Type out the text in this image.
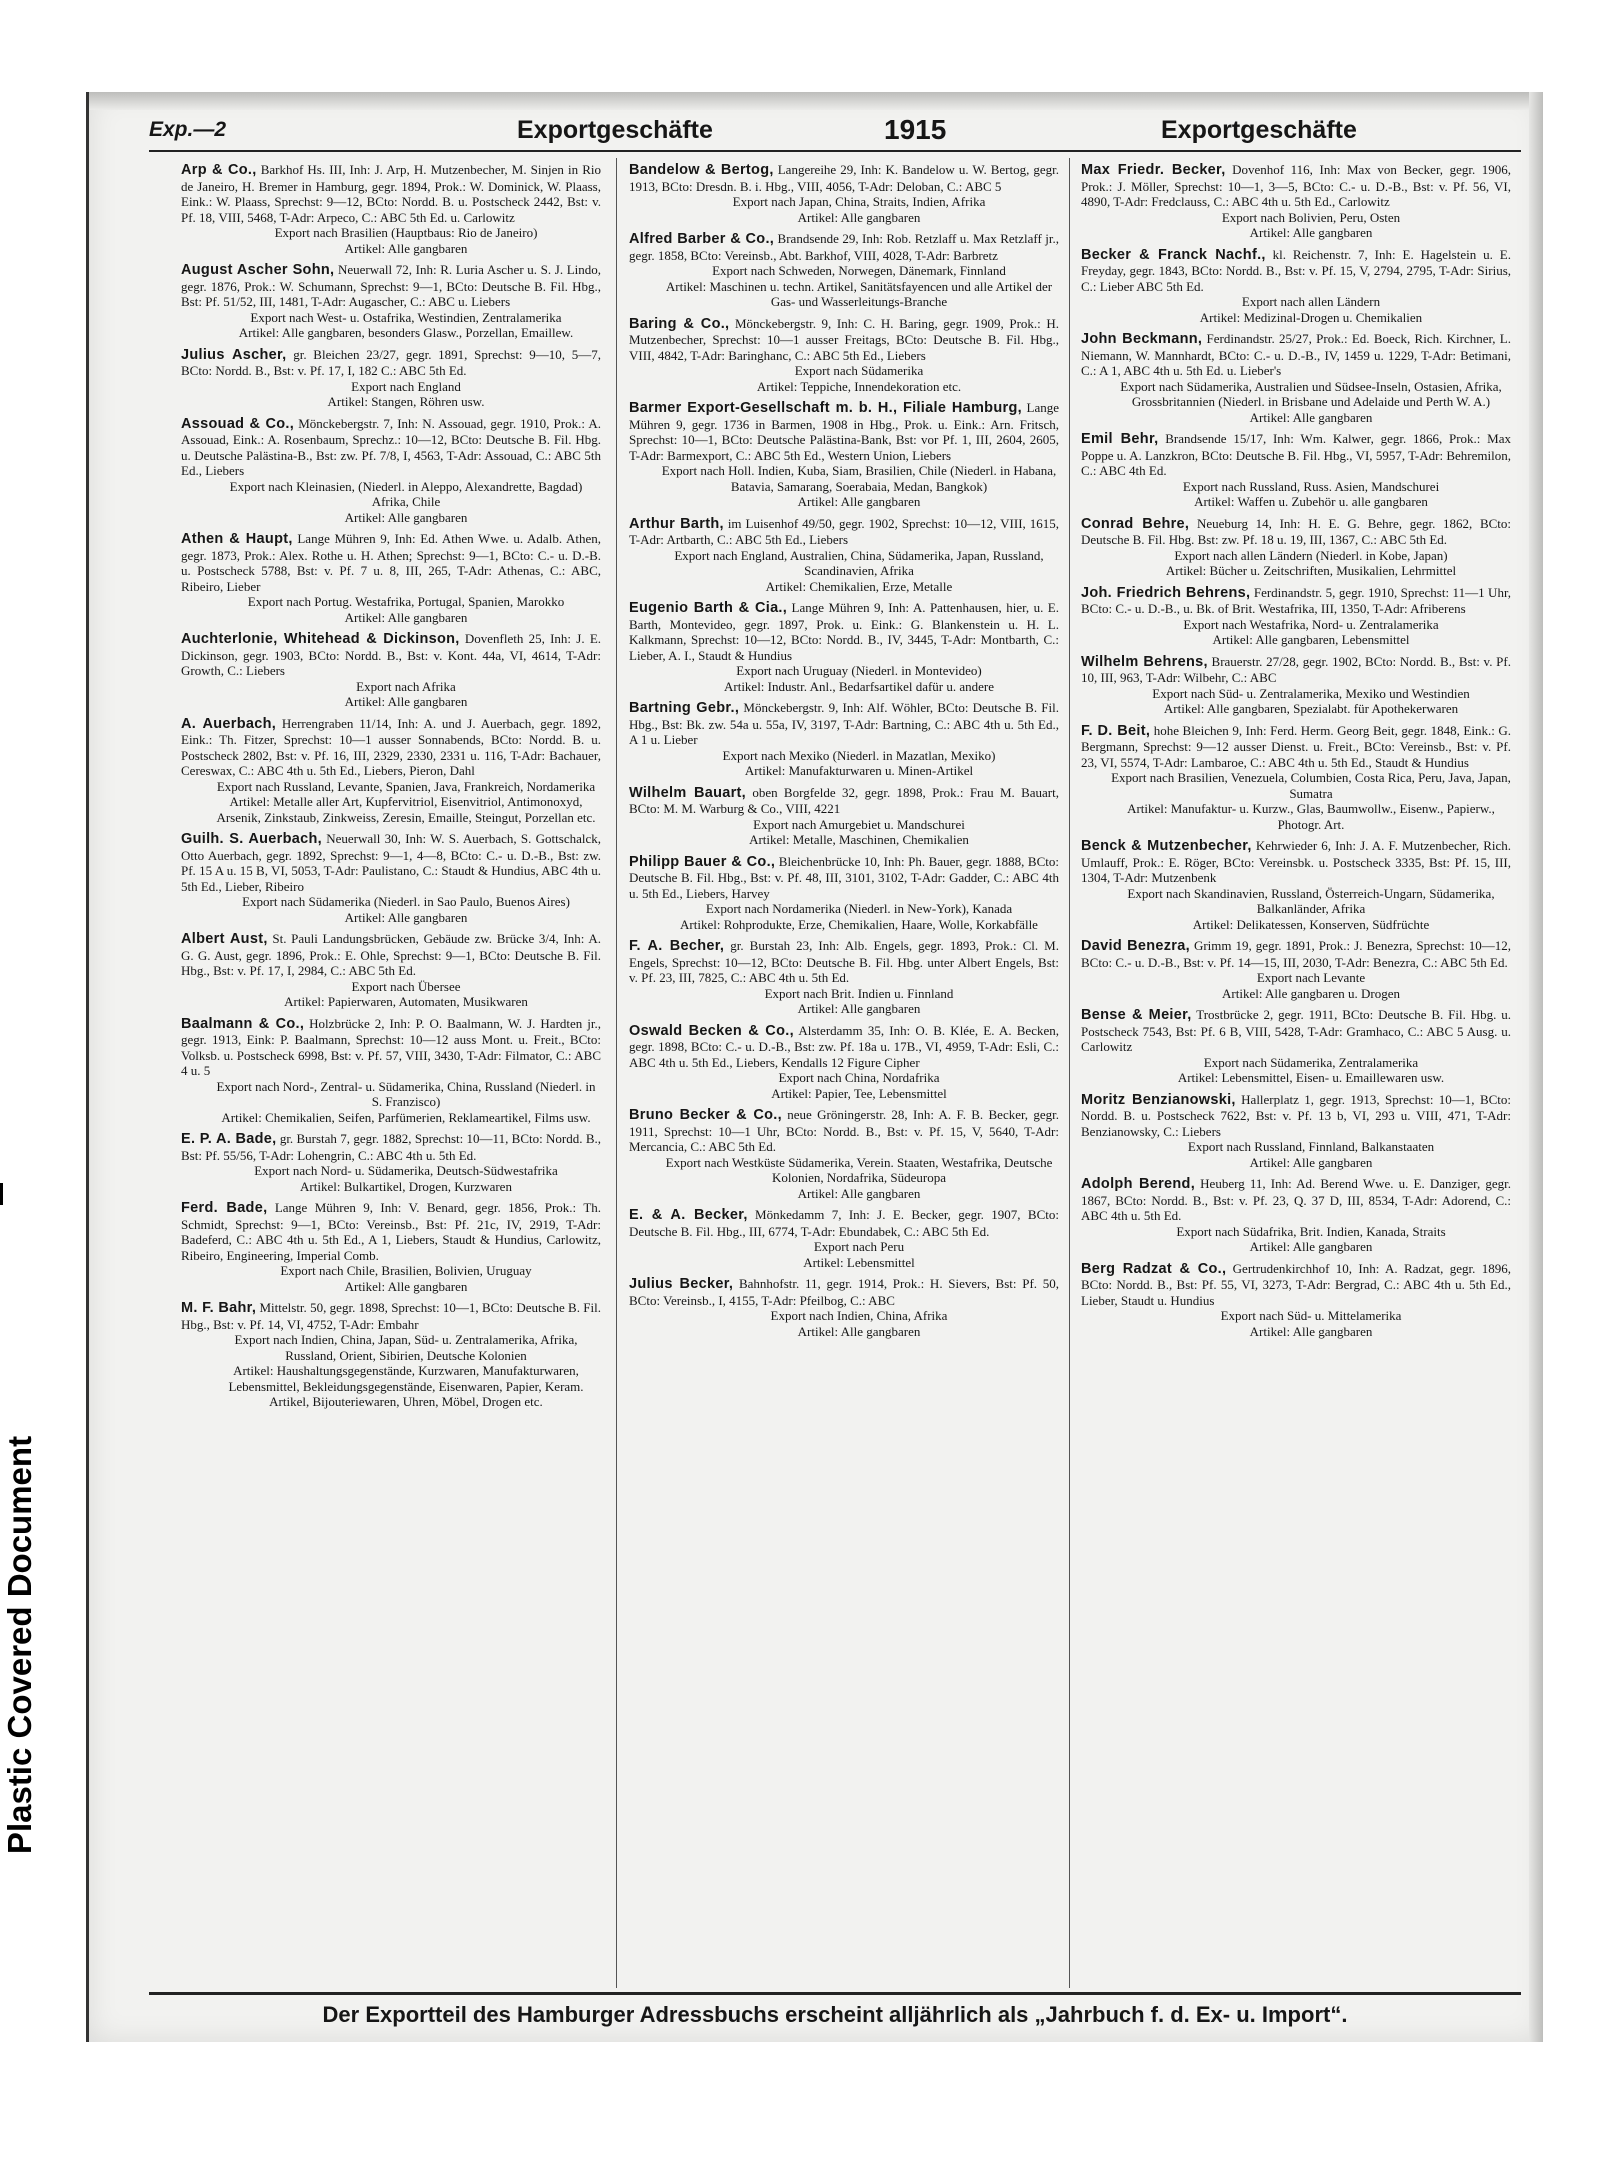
Plastic Covered Document
Exp.—2	Exportgeschäfte	1915	Exportgeschäfte
Arp & Co., Barkhof Hs. III, Inh: J. Arp, H. Mutzenbecher, M. Sinjen in Rio de Janeiro, H. Bremer in Hamburg, gegr. 1894, Prok.: W. Dominick, W. Plaass, Eink.: W. Plaass, Sprechst: 9—12, BCto: Nordd. B. u. Postscheck 2442, Bst: v. Pf. 18, VIII, 5468, T-Adr: Arpeco, C.: ABC 5th Ed. u. Carlowitz
Export nach Brasilien (Hauptbaus: Rio de Janeiro)
Artikel: Alle gangbaren
August Ascher Sohn, Neuerwall 72, Inh: R. Luria Ascher u. S. J. Lindo, gegr. 1876, Prok.: W. Schumann, Sprechst: 9—1, BCto: Deutsche B. Fil. Hbg., Bst: Pf. 51/52, III, 1481, T-Adr: Augascher, C.: ABC u. Liebers
Export nach West- u. Ostafrika, Westindien, Zentralamerika
Artikel: Alle gangbaren, besonders Glasw., Porzellan, Emaillew.
Julius Ascher, gr. Bleichen 23/27, gegr. 1891, Sprechst: 9—10, 5—7, BCto: Nordd. B., Bst: v. Pf. 17, I, 182 C.: ABC 5th Ed.
Export nach England
Artikel: Stangen, Röhren usw.
Assouad & Co., Mönckebergstr. 7, Inh: N. Assouad, gegr. 1910, Prok.: A. Assouad, Eink.: A. Rosenbaum, Sprechz.: 10—12, BCto: Deutsche B. Fil. Hbg. u. Deutsche Palästina-B., Bst: zw. Pf. 7/8, I, 4563, T-Adr: Assouad, C.: ABC 5th Ed., Liebers
Export nach Kleinasien, (Niederl. in Aleppo, Alexandrette, Bagdad) Afrika, Chile
Artikel: Alle gangbaren
Athen & Haupt, Lange Mühren 9, Inh: Ed. Athen Wwe. u. Adalb. Athen, gegr. 1873, Prok.: Alex. Rothe u. H. Athen; Sprechst: 9—1, BCto: C.- u. D.-B. u. Postscheck 5788, Bst: v. Pf. 7 u. 8, III, 265, T-Adr: Athenas, C.: ABC, Ribeiro, Lieber
Export nach Portug. Westafrika, Portugal, Spanien, Marokko
Artikel: Alle gangbaren
Auchterlonie, Whitehead & Dickinson, Dovenfleth 25, Inh: J. E. Dickinson, gegr. 1903, BCto: Nordd. B., Bst: v. Kont. 44a, VI, 4614, T-Adr: Growth, C.: Liebers
Export nach Afrika
Artikel: Alle gangbaren
A. Auerbach, Herrengraben 11/14, Inh: A. und J. Auerbach, gegr. 1892, Eink.: Th. Fitzer, Sprechst: 10—1 ausser Sonnabends, BCto: Nordd. B. u. Postscheck 2802, Bst: v. Pf. 16, III, 2329, 2330, 2331 u. 116, T-Adr: Bachauer, Cereswax, C.: ABC 4th u. 5th Ed., Liebers, Pieron, Dahl
Export nach Russland, Levante, Spanien, Java, Frankreich, Nordamerika
Artikel: Metalle aller Art, Kupfervitriol, Eisenvitriol, Antimonoxyd, Arsenik, Zinkstaub, Zinkweiss, Zeresin, Emaille, Steingut, Porzellan etc.
Guilh. S. Auerbach, Neuerwall 30, Inh: W. S. Auerbach, S. Gottschalck, Otto Auerbach, gegr. 1892, Sprechst: 9—1, 4—8, BCto: C.- u. D.-B., Bst: zw. Pf. 15 A u. 15 B, VI, 5053, T-Adr: Paulistano, C.: Staudt & Hundius, ABC 4th u. 5th Ed., Lieber, Ribeiro
Export nach Südamerika (Niederl. in Sao Paulo, Buenos Aires)
Artikel: Alle gangbaren
Albert Aust, St. Pauli Landungsbrücken, Gebäude zw. Brücke 3/4, Inh: A. G. G. Aust, gegr. 1896, Prok.: E. Ohle, Sprechst: 9—1, BCto: Deutsche B. Fil. Hbg., Bst: v. Pf. 17, I, 2984, C.: ABC 5th Ed.
Export nach Übersee
Artikel: Papierwaren, Automaten, Musikwaren
Baalmann & Co., Holzbrücke 2, Inh: P. O. Baalmann, W. J. Hardten jr., gegr. 1913, Eink: P. Baalmann, Sprechst: 10—12 auss Mont. u. Freit., BCto: Volksb. u. Postscheck 6998, Bst: v. Pf. 57, VIII, 3430, T-Adr: Filmator, C.: ABC 4 u. 5
Export nach Nord-, Zentral- u. Südamerika, China, Russland (Niederl. in S. Franzisco)
Artikel: Chemikalien, Seifen, Parfümerien, Reklameartikel, Films usw.
E. P. A. Bade, gr. Burstah 7, gegr. 1882, Sprechst: 10—11, BCto: Nordd. B., Bst: Pf. 55/56, T-Adr: Lohengrin, C.: ABC 4th u. 5th Ed.
Export nach Nord- u. Südamerika, Deutsch-Südwestafrika
Artikel: Bulkartikel, Drogen, Kurzwaren
Ferd. Bade, Lange Mühren 9, Inh: V. Benard, gegr. 1856, Prok.: Th. Schmidt, Sprechst: 9—1, BCto: Vereinsb., Bst: Pf. 21c, IV, 2919, T-Adr: Badeferd, C.: ABC 4th u. 5th Ed., A 1, Liebers, Staudt & Hundius, Carlowitz, Ribeiro, Engineering, Imperial Comb.
Export nach Chile, Brasilien, Bolivien, Uruguay
Artikel: Alle gangbaren
M. F. Bahr, Mittelstr. 50, gegr. 1898, Sprechst: 10—1, BCto: Deutsche B. Fil. Hbg., Bst: v. Pf. 14, VI, 4752, T-Adr: Embahr
Export nach Indien, China, Japan, Süd- u. Zentralamerika, Afrika, Russland, Orient, Sibirien, Deutsche Kolonien
Artikel: Haushaltungsgegenstände, Kurzwaren, Manufakturwaren, Lebensmittel, Bekleidungsgegenstände, Eisenwaren, Papier, Keram. Artikel, Bijouteriewaren, Uhren, Möbel, Drogen etc.
Bandelow & Bertog, Langereihe 29, Inh: K. Bandelow u. W. Bertog, gegr. 1913, BCto: Dresdn. B. i. Hbg., VIII, 4056, T-Adr: Deloban, C.: ABC 5
Export nach Japan, China, Straits, Indien, Afrika
Artikel: Alle gangbaren
Alfred Barber & Co., Brandsende 29, Inh: Rob. Retzlaff u. Max Retzlaff jr., gegr. 1858, BCto: Vereinsb., Abt. Barkhof, VIII, 4028, T-Adr: Barbretz
Export nach Schweden, Norwegen, Dänemark, Finnland
Artikel: Maschinen u. techn. Artikel, Sanitätsfayencen und alle Artikel der Gas- und Wasserleitungs-Branche
Baring & Co., Mönckebergstr. 9, Inh: C. H. Baring, gegr. 1909, Prok.: H. Mutzenbecher, Sprechst: 10—1 ausser Freitags, BCto: Deutsche B. Fil. Hbg., VIII, 4842, T-Adr: Baringhanc, C.: ABC 5th Ed., Liebers
Export nach Südamerika
Artikel: Teppiche, Innendekoration etc.
Barmer Export-Gesellschaft m. b. H., Filiale Hamburg, Lange Mühren 9, gegr. 1736 in Barmen, 1908 in Hbg., Prok. u. Eink.: Arn. Fritsch, Sprechst: 10—1, BCto: Deutsche Palästina-Bank, Bst: vor Pf. 1, III, 2604, 2605, T-Adr: Barmexport, C.: ABC 5th Ed., Western Union, Liebers
Export nach Holl. Indien, Kuba, Siam, Brasilien, Chile (Niederl. in Habana, Batavia, Samarang, Soerabaia, Medan, Bangkok)
Artikel: Alle gangbaren
Arthur Barth, im Luisenhof 49/50, gegr. 1902, Sprechst: 10—12, VIII, 1615, T-Adr: Artbarth, C.: ABC 5th Ed., Liebers
Export nach England, Australien, China, Südamerika, Japan, Russland, Scandinavien, Afrika
Artikel: Chemikalien, Erze, Metalle
Eugenio Barth & Cia., Lange Mühren 9, Inh: A. Pattenhausen, hier, u. E. Barth, Montevideo, gegr. 1897, Prok. u. Eink.: G. Blankenstein u. H. L. Kalkmann, Sprechst: 10—12, BCto: Nordd. B., IV, 3445, T-Adr: Montbarth, C.: Lieber, A. I., Staudt & Hundius
Export nach Uruguay (Niederl. in Montevideo)
Artikel: Industr. Anl., Bedarfsartikel dafür u. andere
Bartning Gebr., Mönckebergstr. 9, Inh: Alf. Wöhler, BCto: Deutsche B. Fil. Hbg., Bst: Bk. zw. 54a u. 55a, IV, 3197, T-Adr: Bartning, C.: ABC 4th u. 5th Ed., A 1 u. Lieber
Export nach Mexiko (Niederl. in Mazatlan, Mexiko)
Artikel: Manufakturwaren u. Minen-Artikel
Wilhelm Bauart, oben Borgfelde 32, gegr. 1898, Prok.: Frau M. Bauart, BCto: M. M. Warburg & Co., VIII, 4221
Export nach Amurgebiet u. Mandschurei
Artikel: Metalle, Maschinen, Chemikalien
Philipp Bauer & Co., Bleichenbrücke 10, Inh: Ph. Bauer, gegr. 1888, BCto: Deutsche B. Fil. Hbg., Bst: v. Pf. 48, III, 3101, 3102, T-Adr: Gadder, C.: ABC 4th u. 5th Ed., Liebers, Harvey
Export nach Nordamerika (Niederl. in New-York), Kanada
Artikel: Rohprodukte, Erze, Chemikalien, Haare, Wolle, Korkabfälle
F. A. Becher, gr. Burstah 23, Inh: Alb. Engels, gegr. 1893, Prok.: Cl. M. Engels, Sprechst: 10—12, BCto: Deutsche B. Fil. Hbg. unter Albert Engels, Bst: v. Pf. 23, III, 7825, C.: ABC 4th u. 5th Ed.
Export nach Brit. Indien u. Finnland
Artikel: Alle gangbaren
Oswald Becken & Co., Alsterdamm 35, Inh: O. B. Klée, E. A. Becken, gegr. 1898, BCto: C.- u. D.-B., Bst: zw. Pf. 18a u. 17B., VI, 4959, T-Adr: Esli, C.: ABC 4th u. 5th Ed., Liebers, Kendalls 12 Figure Cipher
Export nach China, Nordafrika
Artikel: Papier, Tee, Lebensmittel
Bruno Becker & Co., neue Gröningerstr. 28, Inh: A. F. B. Becker, gegr. 1911, Sprechst: 10—1 Uhr, BCto: Nordd. B., Bst: v. Pf. 15, V, 5640, T-Adr: Mercancia, C.: ABC 5th Ed.
Export nach Westküste Südamerika, Verein. Staaten, Westafrika, Deutsche Kolonien, Nordafrika, Südeuropa
Artikel: Alle gangbaren
E. & A. Becker, Mönkedamm 7, Inh: J. E. Becker, gegr. 1907, BCto: Deutsche B. Fil. Hbg., III, 6774, T-Adr: Ebundabek, C.: ABC 5th Ed.
Export nach Peru
Artikel: Lebensmittel
Julius Becker, Bahnhofstr. 11, gegr. 1914, Prok.: H. Sievers, Bst: Pf. 50, BCto: Vereinsb., I, 4155, T-Adr: Pfeilbog, C.: ABC
Export nach Indien, China, Afrika
Artikel: Alle gangbaren
Max Friedr. Becker, Dovenhof 116, Inh: Max von Becker, gegr. 1906, Prok.: J. Möller, Sprechst: 10—1, 3—5, BCto: C.- u. D.-B., Bst: v. Pf. 56, VI, 4890, T-Adr: Fredclauss, C.: ABC 4th u. 5th Ed., Carlowitz
Export nach Bolivien, Peru, Osten
Artikel: Alle gangbaren
Becker & Franck Nachf., kl. Reichenstr. 7, Inh: E. Hagelstein u. E. Freyday, gegr. 1843, BCto: Nordd. B., Bst: v. Pf. 15, V, 2794, 2795, T-Adr: Sirius, C.: Lieber ABC 5th Ed.
Export nach allen Ländern
Artikel: Medizinal-Drogen u. Chemikalien
John Beckmann, Ferdinandstr. 25/27, Prok.: Ed. Boeck, Rich. Kirchner, L. Niemann, W. Mannhardt, BCto: C.- u. D.-B., IV, 1459 u. 1229, T-Adr: Betimani, C.: A 1, ABC 4th u. 5th Ed. u. Lieber's
Export nach Südamerika, Australien und Südsee-Inseln, Ostasien, Afrika, Grossbritannien (Niederl. in Brisbane und Adelaide und Perth W. A.)
Artikel: Alle gangbaren
Emil Behr, Brandsende 15/17, Inh: Wm. Kalwer, gegr. 1866, Prok.: Max Poppe u. A. Lanzkron, BCto: Deutsche B. Fil. Hbg., VI, 5957, T-Adr: Behremilon, C.: ABC 4th Ed.
Export nach Russland, Russ. Asien, Mandschurei
Artikel: Waffen u. Zubehör u. alle gangbaren
Conrad Behre, Neueburg 14, Inh: H. E. G. Behre, gegr. 1862, BCto: Deutsche B. Fil. Hbg. Bst: zw. Pf. 18 u. 19, III, 1367, C.: ABC 5th Ed.
Export nach allen Ländern (Niederl. in Kobe, Japan)
Artikel: Bücher u. Zeitschriften, Musikalien, Lehrmittel
Joh. Friedrich Behrens, Ferdinandstr. 5, gegr. 1910, Sprechst: 11—1 Uhr, BCto: C.- u. D.-B., u. Bk. of Brit. Westafrika, III, 1350, T-Adr: Afriberens
Export nach Westafrika, Nord- u. Zentralamerika
Artikel: Alle gangbaren, Lebensmittel
Wilhelm Behrens, Brauerstr. 27/28, gegr. 1902, BCto: Nordd. B., Bst: v. Pf. 10, III, 963, T-Adr: Wilbehr, C.: ABC
Export nach Süd- u. Zentralamerika, Mexiko und Westindien
Artikel: Alle gangbaren, Spezialabt. für Apothekerwaren
F. D. Beit, hohe Bleichen 9, Inh: Ferd. Herm. Georg Beit, gegr. 1848, Eink.: G. Bergmann, Sprechst: 9—12 ausser Dienst. u. Freit., BCto: Vereinsb., Bst: v. Pf. 23, VI, 5574, T-Adr: Lambaroe, C.: ABC 4th u. 5th Ed., Staudt & Hundius
Export nach Brasilien, Venezuela, Columbien, Costa Rica, Peru, Java, Japan, Sumatra
Artikel: Manufaktur- u. Kurzw., Glas, Baumwollw., Eisenw., Papierw., Photogr. Art.
Benck & Mutzenbecher, Kehrwieder 6, Inh: J. A. F. Mutzenbecher, Rich. Umlauff, Prok.: E. Röger, BCto: Vereinsbk. u. Postscheck 3335, Bst: Pf. 15, III, 1304, T-Adr: Mutzenbenk
Export nach Skandinavien, Russland, Österreich-Ungarn, Südamerika, Balkanländer, Afrika
Artikel: Delikatessen, Konserven, Südfrüchte
David Benezra, Grimm 19, gegr. 1891, Prok.: J. Benezra, Sprechst: 10—12, BCto: C.- u. D.-B., Bst: v. Pf. 14—15, III, 2030, T-Adr: Benezra, C.: ABC 5th Ed.
Export nach Levante
Artikel: Alle gangbaren u. Drogen
Bense & Meier, Trostbrücke 2, gegr. 1911, BCto: Deutsche B. Fil. Hbg. u. Postscheck 7543, Bst: Pf. 6 B, VIII, 5428, T-Adr: Gramhaco, C.: ABC 5 Ausg. u. Carlowitz
Export nach Südamerika, Zentralamerika
Artikel: Lebensmittel, Eisen- u. Emaillewaren usw.
Moritz Benzianowski, Hallerplatz 1, gegr. 1913, Sprechst: 10—1, BCto: Nordd. B. u. Postscheck 7622, Bst: v. Pf. 13 b, VI, 293 u. VIII, 471, T-Adr: Benzianowsky, C.: Liebers
Export nach Russland, Finnland, Balkanstaaten
Artikel: Alle gangbaren
Adolph Berend, Heuberg 11, Inh: Ad. Berend Wwe. u. E. Danziger, gegr. 1867, BCto: Nordd. B., Bst: v. Pf. 23, Q. 37 D, III, 8534, T-Adr: Adorend, C.: ABC 4th u. 5th Ed.
Export nach Südafrika, Brit. Indien, Kanada, Straits
Artikel: Alle gangbaren
Berg Radzat & Co., Gertrudenkirchhof 10, Inh: A. Radzat, gegr. 1896, BCto: Nordd. B., Bst: Pf. 55, VI, 3273, T-Adr: Bergrad, C.: ABC 4th u. 5th Ed., Lieber, Staudt u. Hundius
Export nach Süd- u. Mittelamerika
Artikel: Alle gangbaren
Der Exportteil des Hamburger Adressbuchs erscheint alljährlich als „Jahrbuch f. d. Ex- u. Import“.
